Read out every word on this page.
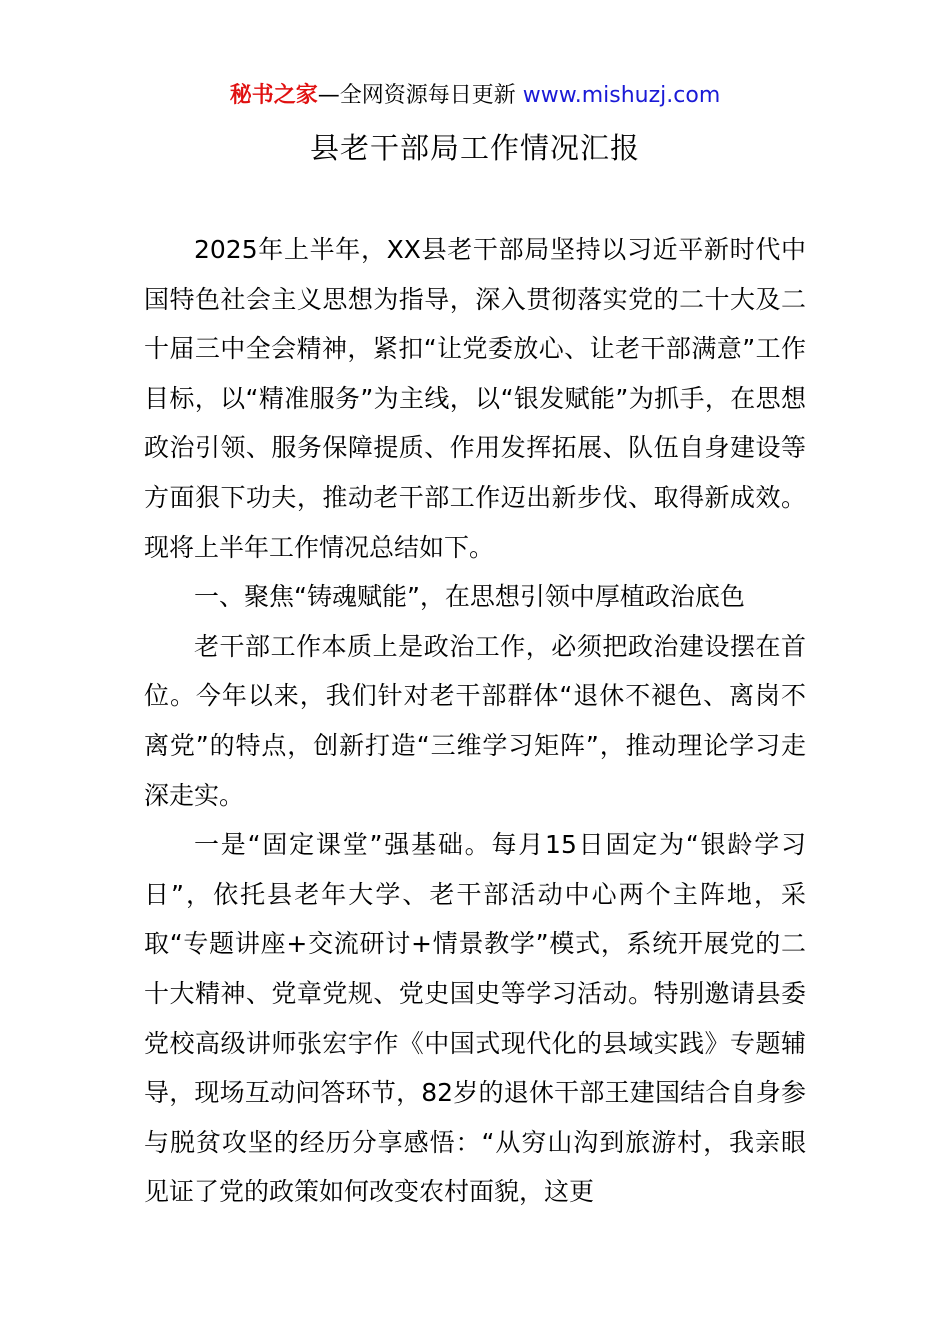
秘书之家—全网资源每日更新 www.mishuzj.com
县老干部局工作情况汇报

2025年上半年，XX县老干部局坚持以习近平新时代中国特色社会主义思想为指导，深入贯彻落实党的二十大及二十届三中全会精神，紧扣“让党委放心、让老干部满意”工作目标，以“精准服务”为主线，以“银发赋能”为抓手，在思想政治引领、服务保障提质、作用发挥拓展、队伍自身建设等方面狠下功夫，推动老干部工作迈出新步伐、取得新成效。现将上半年工作情况总结如下。

一、聚焦“铸魂赋能”，在思想引领中厚植政治底色

老干部工作本质上是政治工作，必须把政治建设摆在首位。今年以来，我们针对老干部群体“退休不褪色、离岗不离党”的特点，创新打造“三维学习矩阵”，推动理论学习走深走实。

一是“固定课堂”强基础。每月15日固定为“银龄学习日”，依托县老年大学、老干部活动中心两个主阵地，采取“专题讲座+交流研讨+情景教学”模式，系统开展党的二十大精神、党章党规、党史国史等学习活动。特别邀请县委党校高级讲师张宏宇作《中国式现代化的县域实践》专题辅导，现场互动问答环节，82岁的退休干部王建国结合自身参与脱贫攻坚的经历分享感悟：“从穷山沟到旅游村，我亲眼见证了党的政策如何改变农村面貌，这更
